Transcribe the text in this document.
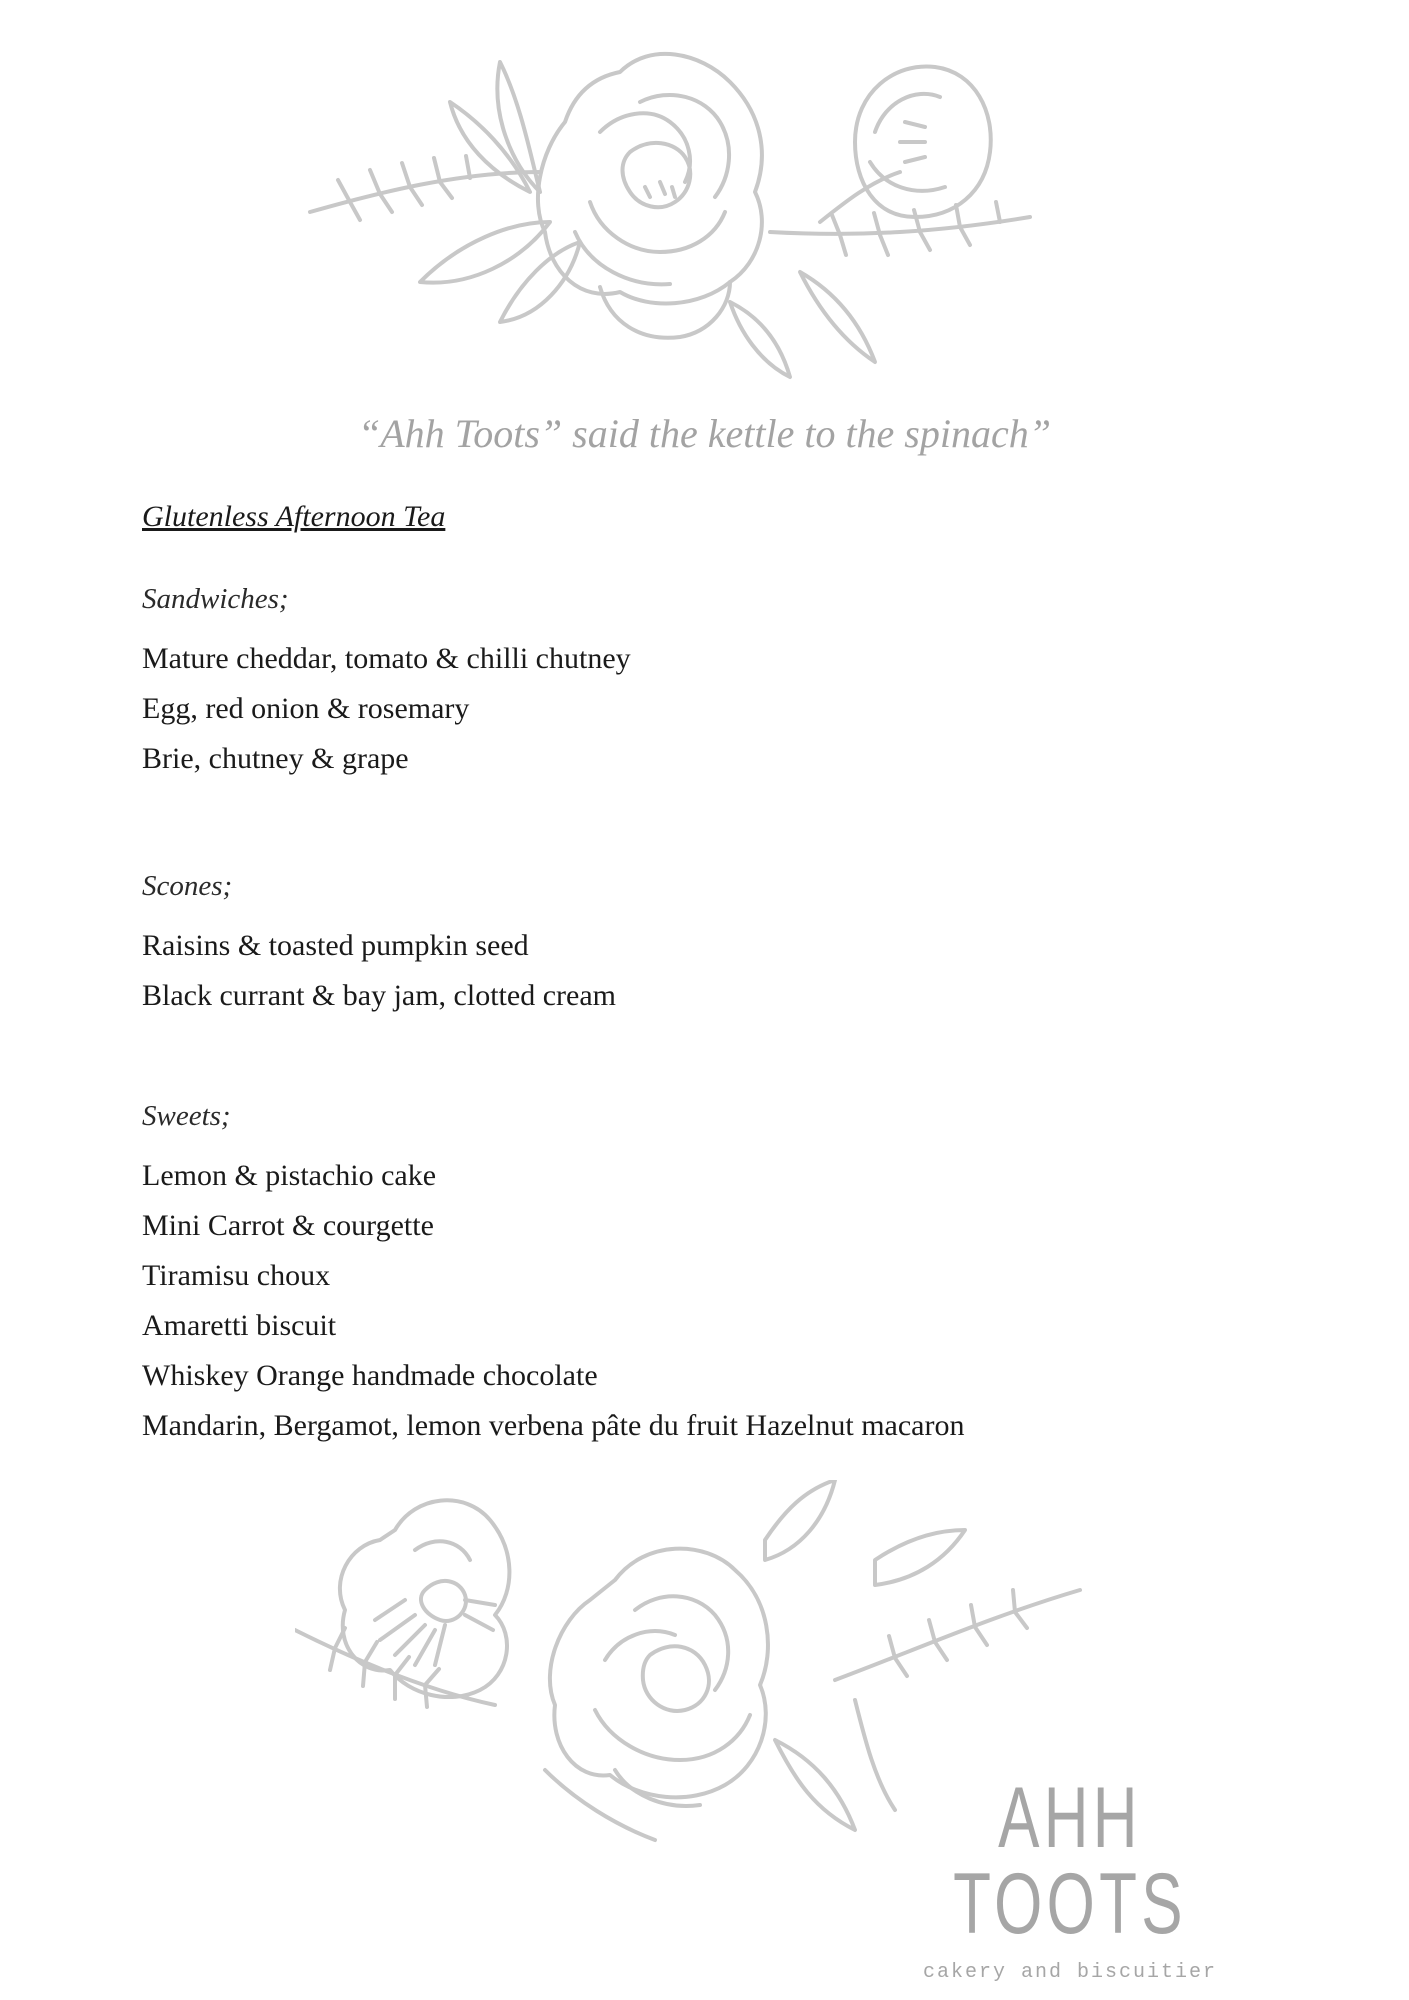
“Ahh Toots” said the kettle to the spinach”
Glutenless Afternoon Tea
Sandwiches;
Mature cheddar, tomato & chilli chutney
Egg, red onion & rosemary
Brie, chutney & grape
Scones;
Raisins & toasted pumpkin seed
Black currant & bay jam, clotted cream
Sweets;
Lemon & pistachio cake
Mini Carrot & courgette
Tiramisu choux
Amaretti biscuit
Whiskey Orange handmade chocolate
Mandarin, Bergamot, lemon verbena pâte du fruit Hazelnut macaron
AHH TOOTS
cakery and biscuitier
